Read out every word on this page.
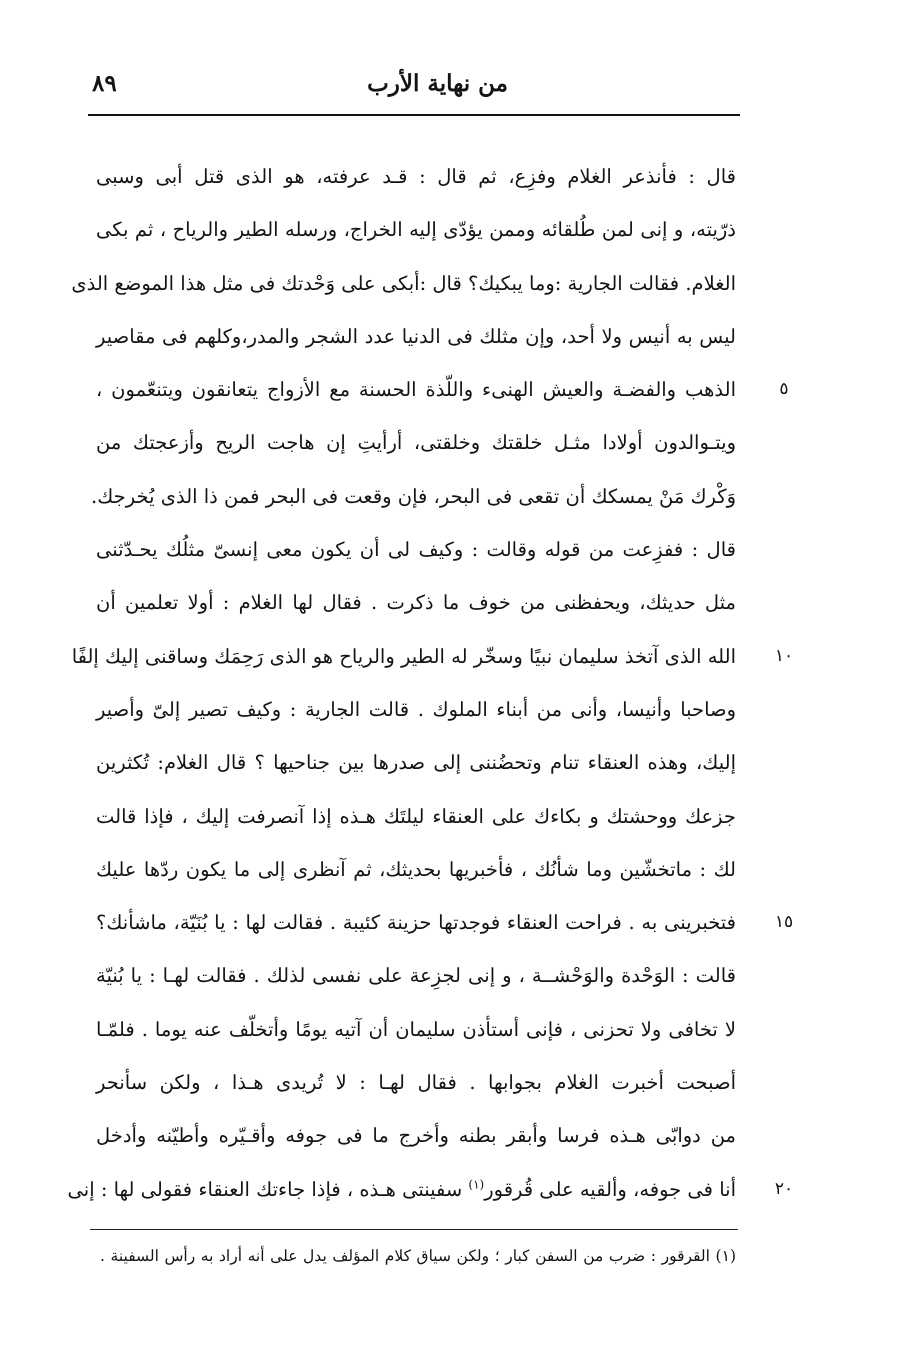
من نهاية الأرب
٨٩
قال : فأنذعر الغلام وفزِع، ثم قال : قـد عرفته، هو الذى قتل أبى وسبى
ذرّيته، و إنى لمن طُلقائه وممن يؤدّى إليه الخراج، ورسله الطير والرياح ، ثم بكى
الغلام. فقالت الجارية :وما يبكيك؟ قال :أبكى على وَحْدتك فى مثل هذا الموضع الذى
ليس به أنيس ولا أحد، وإن مثلك فى الدنيا عدد الشجر والمدر،وكلهم فى مقاصير
الذهب والفضـة والعيش الهنىء واللّذة الحسنة مع الأزواج يتعانقون ويتنعّمون ،	٥
ويتـوالدون أولادا مثـل خلقتك وخلقتى، أرأيتِ إن هاجت الريح وأزعجتك من
وَكْرك مَنْ يمسكك أن تقعى فى البحر، فإن وقعت فى البحر فمن ذا الذى يُخرجك.
قال : ففزِعت من قوله وقالت : وكيف لى أن يكون معى إنسىّ مثلُك يحـدّثنى
مثل حديثك، ويحفظنى من خوف ما ذكرت . فقال لها الغلام : أولا تعلمين أن
الله الذى آتخذ سليمان نبيًا وسخّر له الطير والرياح هو الذى رَحِمَك وساقنى إليك إلفًا	١٠
وصاحبا وأنيسا، وأنى من أبناء الملوك . قالت الجارية : وكيف تصير إلىّ وأصير
إليك، وهذه العنقاء تنام وتحضُننى إلى صدرها بين جناحيها ؟ قال الغلام: تُكثرين
جزعك ووحشتك و بكاءك على العنقاء ليلتَك هـذه إذا آنصرفت إليك ، فإذا قالت
لك : ماتخشّين وما شأنُك ، فأخبريها بحديثك، ثم آنظرى إلى ما يكون ردّها عليك
فتخبرينى به . فراحت العنقاء فوجدتها حزينة كئيبة . فقالت لها : يا بُنَيّة، ماشأنك؟	١٥
قالت : الوَحْدة والوَحْشــة ، و إنى لجزِعة على نفسى لذلك . فقالت لهـا : يا بُنيّة
لا تخافى ولا تحزنى ، فإنى أستأذن سليمان أن آتيه يومًا وأتخلّف عنه يوما . فلمّـا
أصبحت أخبرت الغلام بجوابها . فقال لهـا : لا تُريدى هـذا ، ولكن سأنحر
من دوابّى هـذه فرسا وأبقر بطنه وأخرج ما فى جوفه وأقـيّره وأطيّنه وأدخل
أنا فى جوفه، وألقيه على قُرقور$^{(١)}$ سفينتى هـذه ، فإذا جاءتك العنقاء فقولى لها : إنى	٢٠
(١) القرقور : ضرب من السفن كبار ؛ ولكن سياق كلام المؤلف يدل على أنه أراد به رأس السفينة .
